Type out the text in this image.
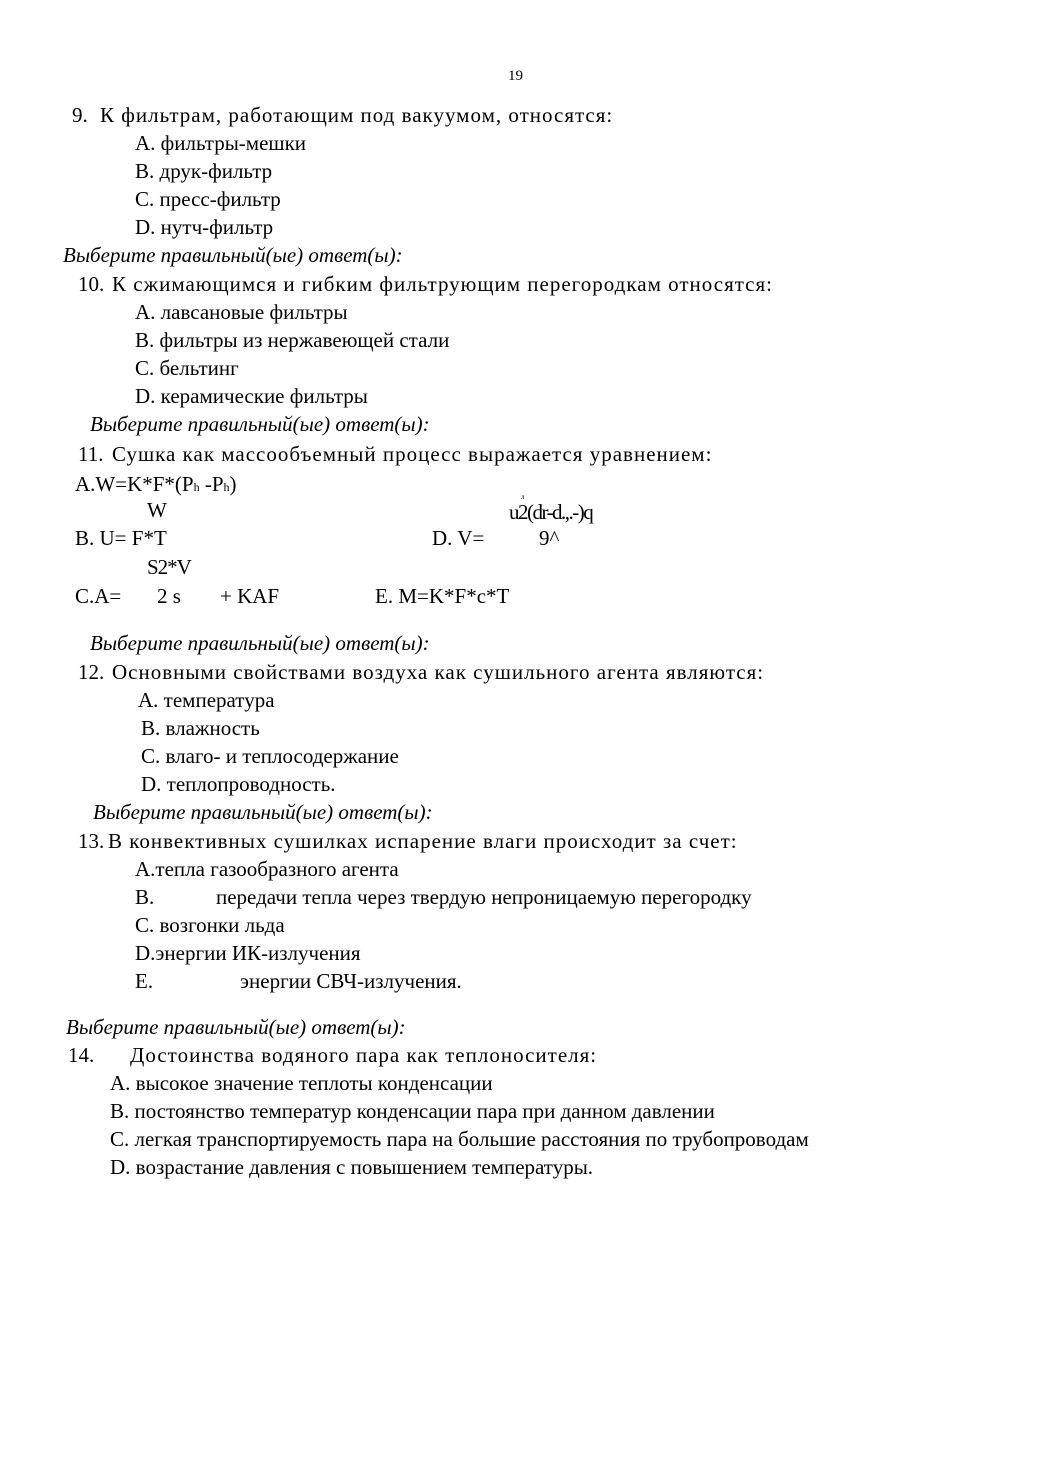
19
9. К фильтрам, работающим под вакуумом, относятся:
A. фильтры-мешки
B. друк-фильтр
C. пресс-фильтр
D. нутч-фильтр
Выберите правильный(ые) ответ(ы):
10. К сжимающимся и гибким фильтрующим перегородкам относятся:
A. лавсановые фильтры
B. фильтры из нержавеющей стали
C. бельтинг
D. керамические фильтры
Выберите правильный(ые) ответ(ы):
11. Сушка как массообъемный процесс выражается уравнением:
A.W=K*F*(Ph -Ph)
W
л
u2(dr-d.,.-)q
B. U= F*T	D. V=	9^
S2*V
C.A= 2 s + KAF	E. M=K*F*c*T
Выберите правильный(ые) ответ(ы):
12. Основными свойствами воздуха как сушильного агента являются:
A. температура
B. влажность
C. влаго- и теплосодержание
D. теплопроводность.
Выберите правильный(ые) ответ(ы):
13. В конвективных сушилках испарение влаги происходит за счет:
A.тепла газообразного агента
B.	передачи тепла через твердую непроницаемую перегородку
C. возгонки льда
D.энергии ИК-излучения
E.	энергии СВЧ-излучения.
Выберите правильный(ые) ответ(ы):
14. Достоинства водяного пара как теплоносителя:
A. высокое значение теплоты конденсации
B. постоянство температур конденсации пара при данном давлении
C. легкая транспортируемость пара на большие расстояния по трубопроводам
D. возрастание давления с повышением температуры.
